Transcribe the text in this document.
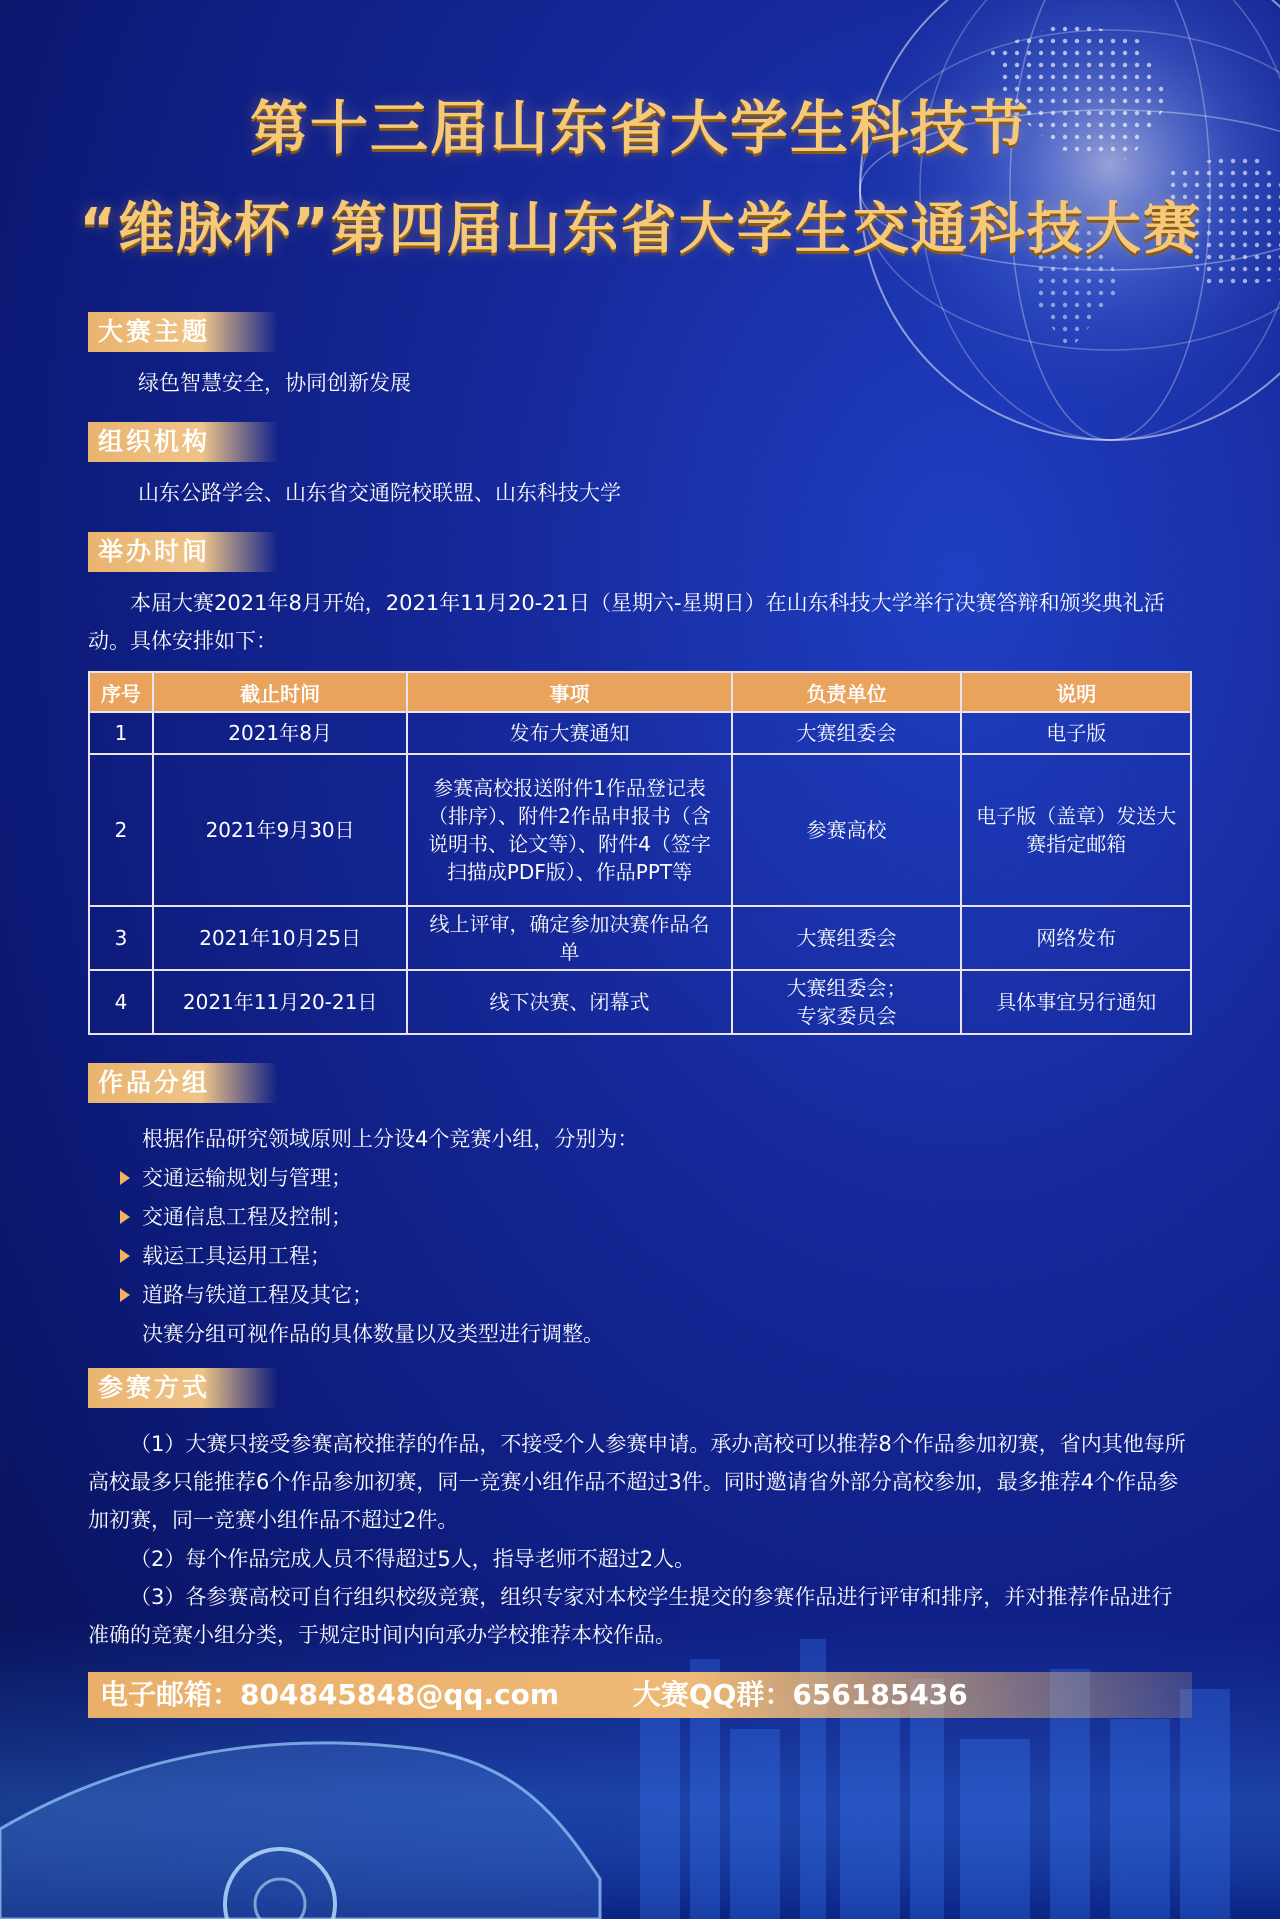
第十三届山东省大学生科技节
“维脉杯”第四届山东省大学生交通科技大赛
大赛主题
绿色智慧安全，协同创新发展
组织机构
山东公路学会、山东省交通院校联盟、山东科技大学
举办时间
本届大赛2021年8月开始，2021年11月20-21日（星期六-星期日）在山东科技大学举行决赛答辩和颁奖典礼活动。具体安排如下：
序号	截止时间	事项	负责单位	说明
1	2021年8月	发布大赛通知	大赛组委会	电子版
2	2021年9月30日	参赛高校报送附件1作品登记表（排序）、附件2作品申报书（含说明书、论文等）、附件4（签字扫描成PDF版）、作品PPT等	参赛高校	电子版（盖章）发送大赛指定邮箱
3	2021年10月25日	线上评审，确定参加决赛作品名单	大赛组委会	网络发布
4	2021年11月20-21日	线下决赛、闭幕式	大赛组委会；专家委员会	具体事宜另行通知
作品分组
根据作品研究领域原则上分设4个竞赛小组，分别为：
交通运输规划与管理；
交通信息工程及控制；
载运工具运用工程；
道路与铁道工程及其它；
决赛分组可视作品的具体数量以及类型进行调整。
参赛方式
（1）大赛只接受参赛高校推荐的作品，不接受个人参赛申请。承办高校可以推荐8个作品参加初赛，省内其他每所高校最多只能推荐6个作品参加初赛，同一竞赛小组作品不超过3件。同时邀请省外部分高校参加，最多推荐4个作品参加初赛，同一竞赛小组作品不超过2件。
（2）每个作品完成人员不得超过5人，指导老师不超过2人。
（3）各参赛高校可自行组织校级竞赛，组织专家对本校学生提交的参赛作品进行评审和排序，并对推荐作品进行准确的竞赛小组分类，于规定时间内向承办学校推荐本校作品。
电子邮箱：804845848@qq.com	大赛QQ群：656185436
